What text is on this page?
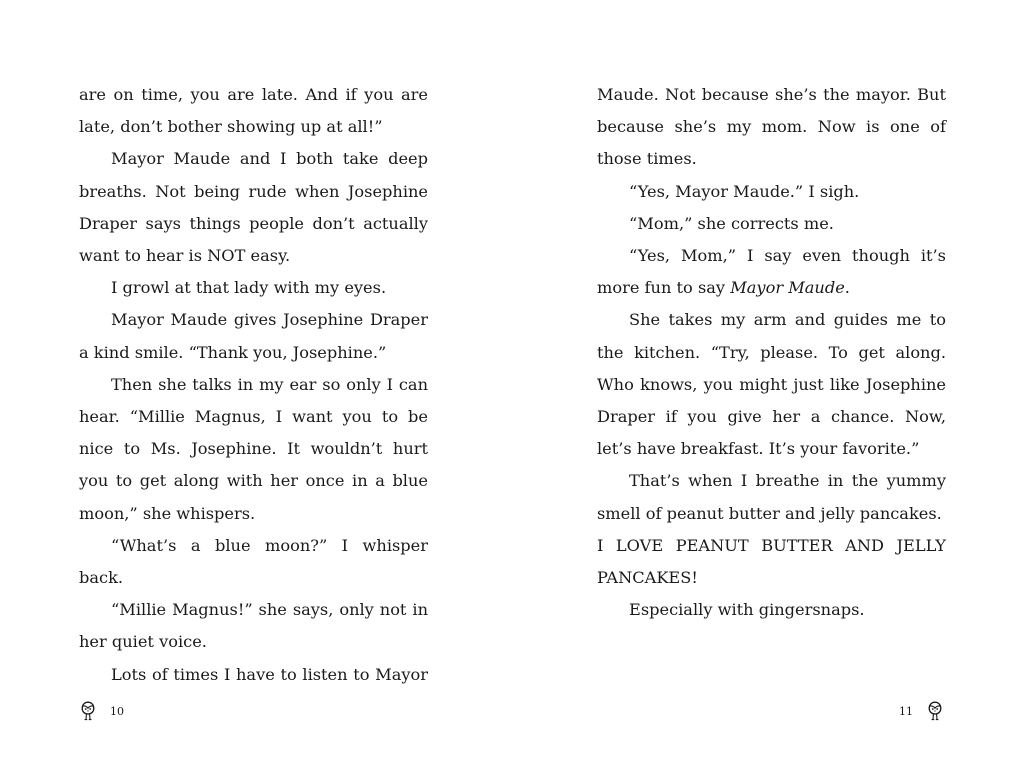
are on time, you are late. And if you are late, don’t bother showing up at all!”

Mayor Maude and I both take deep breaths. Not being rude when Josephine Draper says things people don’t actually want to hear is NOT easy.

I growl at that lady with my eyes.

Mayor Maude gives Josephine Draper a kind smile. “Thank you, Josephine.”

Then she talks in my ear so only I can hear. “Millie Magnus, I want you to be nice to Ms. Josephine. It wouldn’t hurt you to get along with her once in a blue moon,” she whispers.

“What’s a blue moon?” I whisper back.

“Millie Magnus!” she says, only not in her quiet voice.

Lots of times I have to listen to Mayor

10

Maude. Not because she’s the mayor. But because she’s my mom. Now is one of those times.

“Yes, Mayor Maude.” I sigh.

“Mom,” she corrects me.

“Yes, Mom,” I say even though it’s more fun to say Mayor Maude.

She takes my arm and guides me to the kitchen. “Try, please. To get along. Who knows, you might just like Josephine Draper if you give her a chance. Now, let’s have breakfast. It’s your favorite.”

That’s when I breathe in the yummy smell of peanut butter and jelly pancakes.

I LOVE PEANUT BUTTER AND JELLY PANCAKES!

Especially with gingersnaps.

11
